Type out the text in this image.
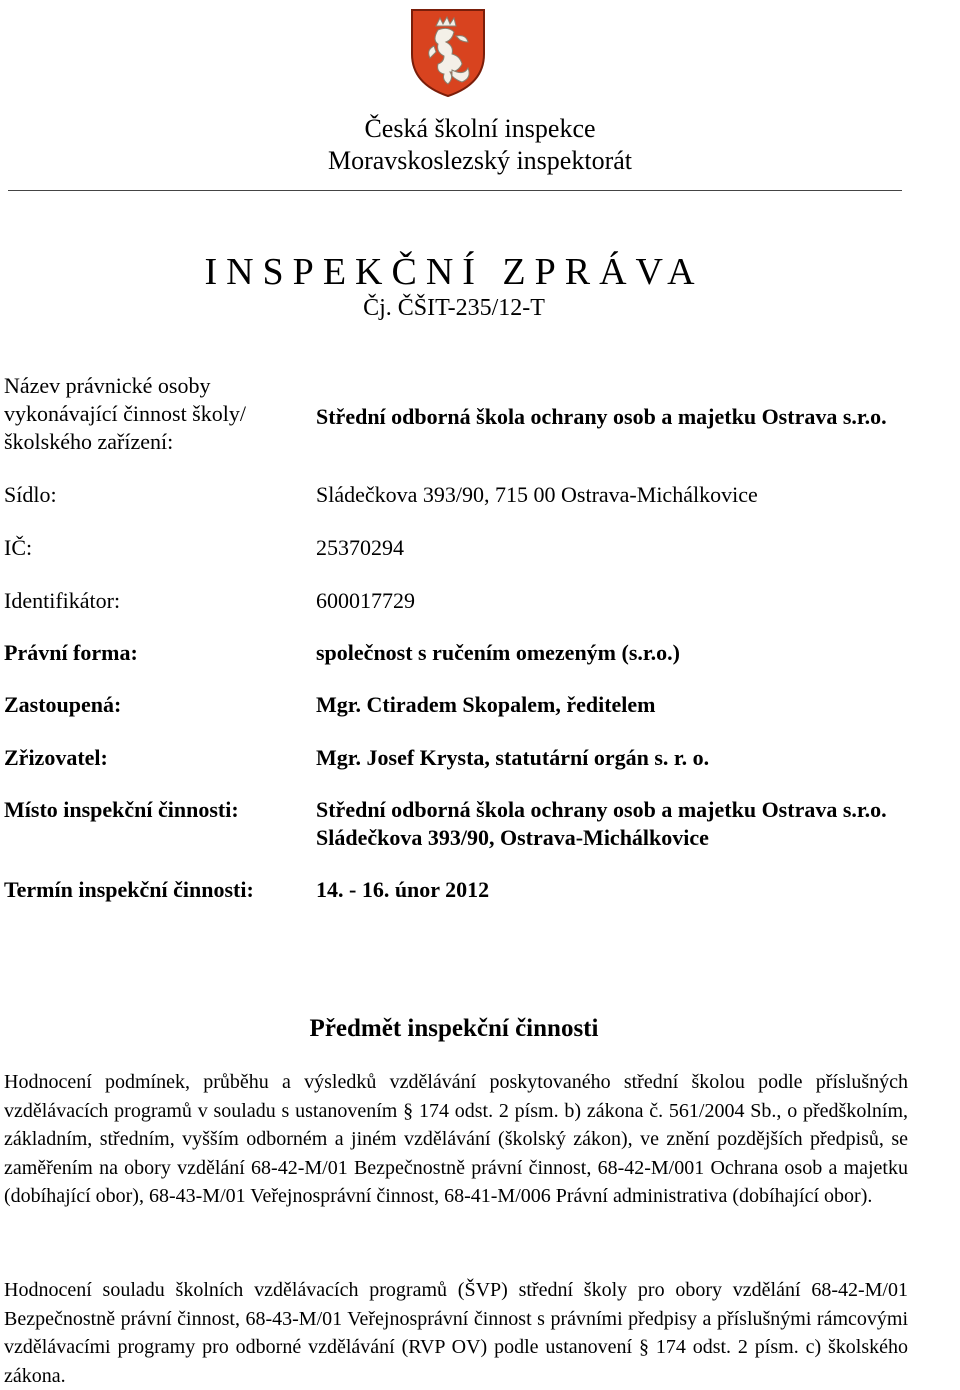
Česká školní inspekce
Moravskoslezský inspektorát
INSPEKČNÍ ZPRÁVA
Čj. ČŠIT-235/12-T
Název právnické osoby vykonávající činnost školy/školského zařízení:
Střední odborná škola ochrany osob a majetku Ostrava s.r.o.
Sídlo:	Sládečkova 393/90, 715 00 Ostrava-Michálkovice
IČ:	25370294
Identifikátor:	600017729
Právní forma:	společnost s ručením omezeným (s.r.o.)
Zastoupená:	Mgr. Ctiradem Skopalem, ředitelem
Zřizovatel:	Mgr. Josef Krysta, statutární orgán s. r. o.
Místo inspekční činnosti:	Střední odborná škola ochrany osob a majetku Ostrava s.r.o.
Sládečkova 393/90, Ostrava-Michálkovice
Termín inspekční činnosti:	14. - 16. únor 2012
Předmět inspekční činnosti
Hodnocení podmínek, průběhu a výsledků vzdělávání poskytovaného střední školou podle příslušných vzdělávacích programů v souladu s ustanovením § 174 odst. 2 písm. b) zákona č. 561/2004 Sb., o předškolním, základním, středním, vyšším odborném a jiném vzdělávání (školský zákon), ve znění pozdějších předpisů, se zaměřením na obory vzdělání 68-42-M/01 Bezpečnostně právní činnost, 68-42-M/001 Ochrana osob a majetku (dobíhající obor), 68-43-M/01 Veřejnosprávní činnost, 68-41-M/006 Právní administrativa (dobíhající obor).
Hodnocení souladu školních vzdělávacích programů (ŠVP) střední školy pro obory vzdělání 68-42-M/01 Bezpečnostně právní činnost, 68-43-M/01 Veřejnosprávní činnost s právními předpisy a příslušnými rámcovými vzdělávacími programy pro odborné vzdělávání (RVP OV) podle ustanovení § 174 odst. 2 písm. c) školského zákona.
